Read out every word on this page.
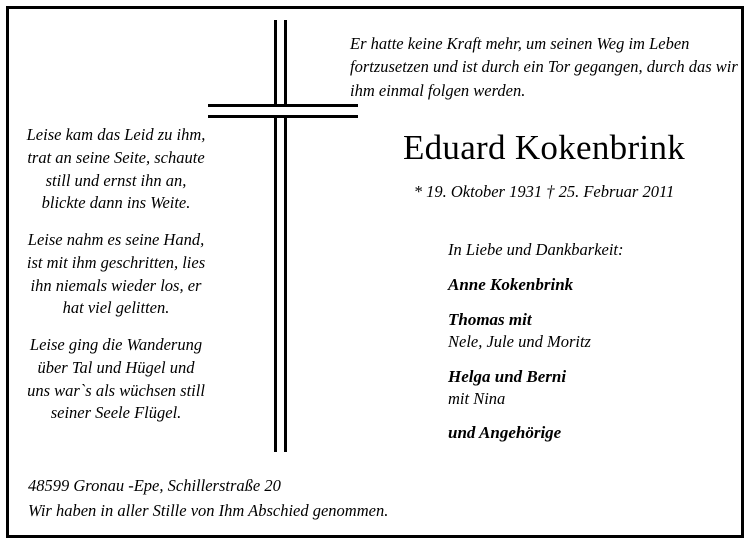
Leise kam das Leid zu ihm, trat an seine Seite, schaute still und ernst ihn an, blickte dann ins Weite.
Leise nahm es seine Hand, ist mit ihm geschritten, lies ihn niemals wieder los, er hat viel gelitten.
Leise ging die Wanderung über Tal und Hügel und uns war`s als wüchsen still seiner Seele Flügel.
Er hatte keine Kraft mehr, um seinen Weg im Leben fortzusetzen und ist durch ein Tor gegangen, durch das wir ihm einmal folgen werden.
Eduard Kokenbrink
* 19. Oktober 1931 † 25. Februar 2011
In Liebe und Dankbarkeit:
Anne Kokenbrink
Thomas mit
Nele, Jule und Moritz
Helga und Berni
mit Nina
und Angehörige
48599 Gronau -Epe, Schillerstraße 20
Wir haben in aller Stille von Ihm Abschied genommen.
